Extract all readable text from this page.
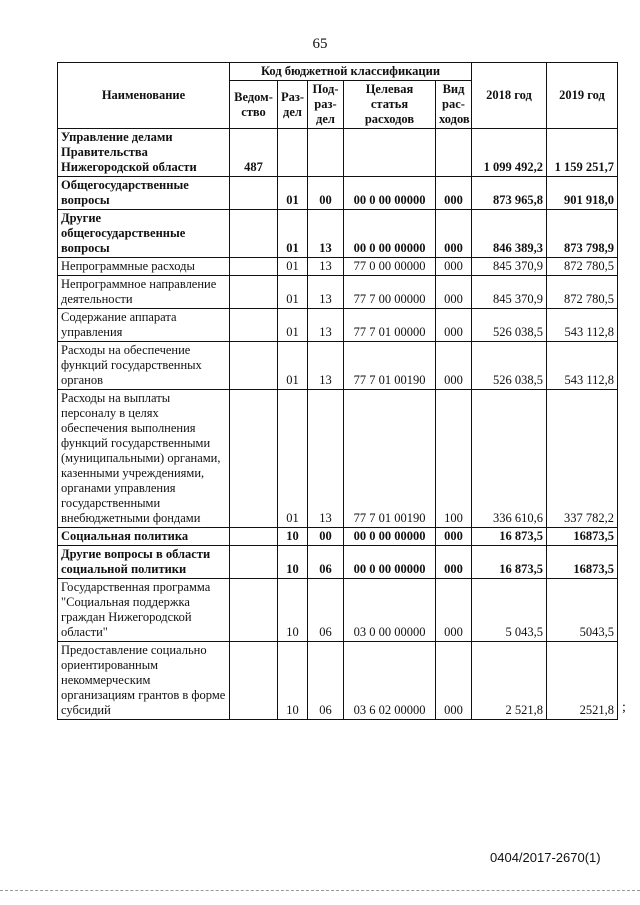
65
Наименование	Код бюджетной классификации					2018 год	2019 год
	Ведом-ство	Раз-дел	Под-раз-дел	Целевая статья расходов	Вид рас-ходов		
Управление делами Правительства Нижегородской области	487					1 099 492,2	1 159 251,7
Общегосударственные вопросы		01	00	00 0 00 00000	000	873 965,8	901 918,0
Другие общегосударственные вопросы		01	13	00 0 00 00000	000	846 389,3	873 798,9
Непрограммные расходы		01	13	77 0 00 00000	000	845 370,9	872 780,5
Непрограммное направление деятельности		01	13	77 7 00 00000	000	845 370,9	872 780,5
Содержание аппарата управления		01	13	77 7 01 00000	000	526 038,5	543 112,8
Расходы на обеспечение функций государственных органов		01	13	77 7 01 00190	000	526 038,5	543 112,8
Расходы на выплаты персоналу в целях обеспечения выполнения функций государственными (муниципальными) органами, казенными учреждениями, органами управления государственными внебюджетными фондами		01	13	77 7 01 00190	100	336 610,6	337 782,2
Социальная политика		10	00	00 0 00 00000	000	16 873,5	16873,5
Другие вопросы в области социальной политики		10	06	00 0 00 00000	000	16 873,5	16873,5
Государственная программа "Социальная поддержка граждан Нижегородской области"		10	06	03 0 00 00000	000	5 043,5	5043,5
Предоставление социально ориентированным некоммерческим организациям грантов в форме субсидий		10	06	03 6 02 00000	000	2 521,8	2521,8 ;
0404/2017-2670(1)
